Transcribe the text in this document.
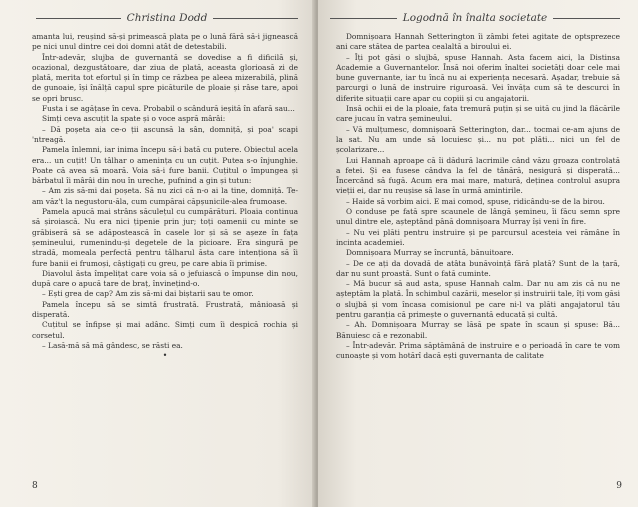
Christina Dodd

amanta lui, reușind să-și primească plata pe o lună fără să-i jignească pe nici unul dintre cei doi domni atât de detestabili.

Într-adevăr, slujba de guvernantă se dovedise a fi dificilă și, ocazional, dezgustătoare, dar ziua de plată, aceasta glorioasă zi de plată, merita tot efortul și în timp ce răzbea pe aleea mizerabilă, plină de gunoaie, își înălță capul spre picăturile de ploaie și râse tare, apoi se opri brusc.

Fusta i se agățase în ceva. Probabil o scândură ieșită în afară sau...

Simți ceva ascuțit la spate și o voce aspră mârâi:

– Dă poșeta aia ce-o ții ascunsă la sân, domniță, și poa' scapi 'ntreagă.

Pamela înlemni, iar inima începu să-i bată cu putere. Obiectul acela era... un cuțit! Un tâlhar o amenința cu un cuțit. Putea s-o înjunghie. Poate că avea să moară. Voia să-i fure banii. Cuțitul o împungea și bărbatul îi mârâi din nou în ureche, pufnind a gin și tutun:

– Am zis să-mi dai poșeta. Să nu zici că n-o ai la tine, domniță. Te-am văz't la negustoru-ăla, cum cumpărai căpșunicile-alea frumoase.

Pamela apucă mai strâns săculețul cu cumpărături. Ploaia continua să șiroiască. Nu era nici țipenie prin jur; toți oamenii cu minte se grăbiseră să se adăpostească în casele lor și să se așeze în fața șemineului, rumenindu-și degetele de la picioare. Era singură pe stradă, momeala perfectă pentru tâlharul ăsta care intenționa să îi fure banii ei frumoși, câștigați cu greu, pe care abia îi primise.

Diavolul ăsta împelițat care voia să o jefuiască o împunse din nou, după care o apucă tare de braț, învinețind-o.

– Ești grea de cap? Am zis să-mi dai biștarii sau te omor.

Pamela începu să se simtă frustrată. Frustrată, mânioasă și disperată.

Cuțitul se înfipse și mai adânc. Simți cum îi despică rochia și corsetul.

– Lasă-mă să mă gândesc, se răsti ea.

•
8
Logodnă în înalta societate

Domnișoara Hannah Setterington îi zâmbi fetei agitate de optsprezece ani care stătea de partea cealaltă a biroului ei.

– Îți pot găsi o slujbă, spuse Hannah. Asta facem aici, la Distinsa Academie a Guvernantelor. Însă noi oferim înaltei societăți doar cele mai bune guvernante, iar tu încă nu ai experiența necesară. Așadar, trebuie să parcurgi o lună de instruire riguroasă. Vei învăța cum să te descurci în diferite situații care apar cu copiii și cu angajatorii.

Insă ochii ei de la ploaie, fata tremură puțin și se uită cu jind la flăcările care jucau în vatra șemineului.

– Vă mulțumesc, domnișoară Setterington, dar... tocmai ce-am ajuns de la sat. Nu am unde să locuiesc și... nu pot plăti... nici un fel de școlarizare...

Lui Hannah aproape că îi dădură lacrimile când văzu groaza controlată a fetei. Și ea fusese cândva la fel de tânără, nesigură și disperată... Încercând să fugă. Acum era mai mare, matură, deținea controlul asupra vieții ei, dar nu reușise să lase în urmă amintirile.

– Haide să vorbim aici. E mai comod, spuse, ridicându-se de la birou.

O conduse pe fată spre scaunele de lângă șemineu, îi făcu semn spre unul dintre ele, așteptând până domnișoara Murray își veni în fire.

– Nu vei plăti pentru instruire și pe parcursul acesteia vei rămâne în incinta academiei.

Domnișoara Murray se încruntă, bănuitoare.

– De ce ați da dovadă de atâta bunăvoință fără plată? Sunt de la țară, dar nu sunt proastă. Sunt o fată cuminte.

– Mă bucur să aud asta, spuse Hannah calm. Dar nu am zis că nu ne așteptăm la plată. În schimbul cazării, meselor și instruirii tale, îți vom găsi o slujbă și vom încasa comisionul pe care ni-l va plăti angajatorul tău pentru garanția că primește o guvernantă educată și cultă.

– Ah. Domnișoara Murray se lăsă pe spate în scaun și spuse: Bă... Bănuiesc că e rezonabil.

– Într-adevăr. Prima săptămână de instruire e o perioadă în care te vom cunoaște și vom hotărî dacă ești guvernanta de calitate

9
